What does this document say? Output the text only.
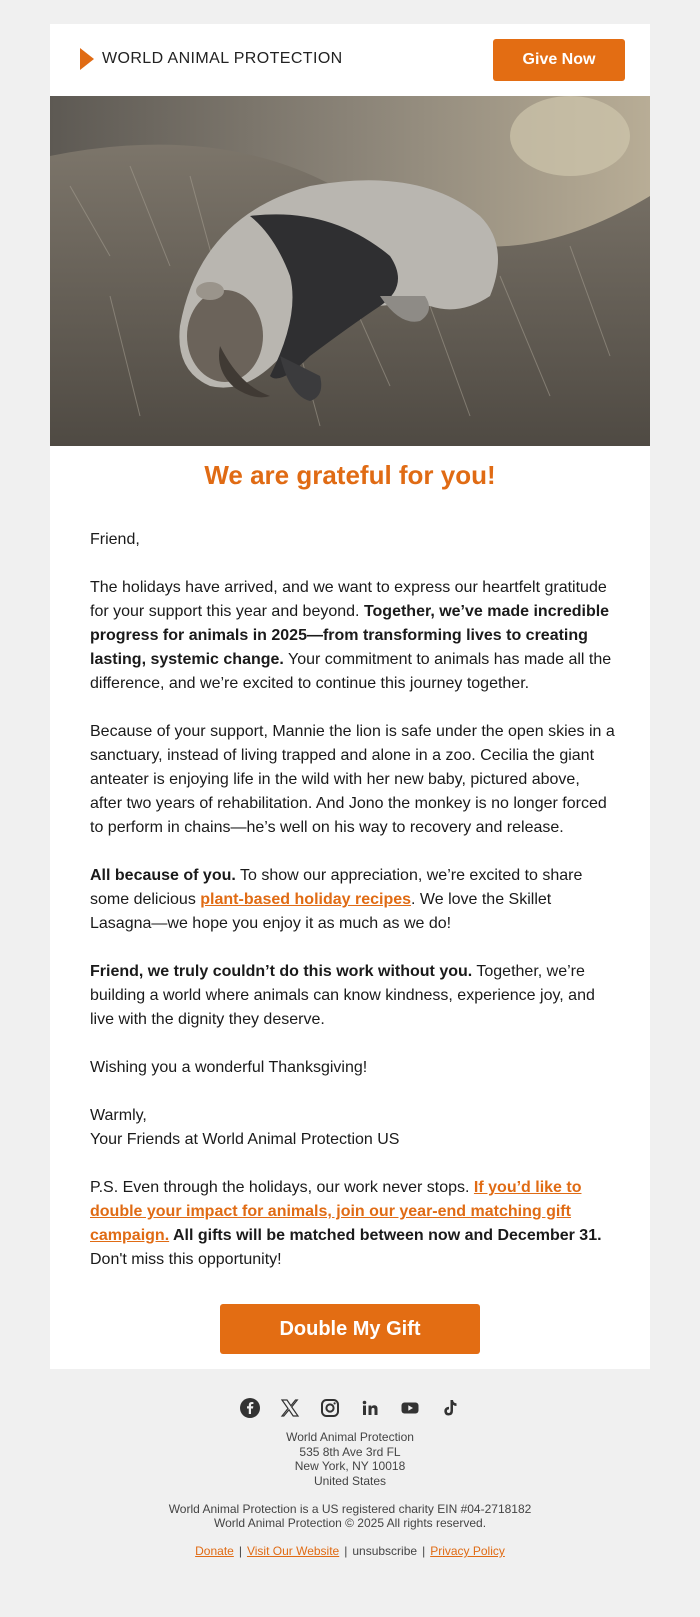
WORLD ANIMAL PROTECTION	Give Now
We are grateful for you!

Friend,

The holidays have arrived, and we want to express our heartfelt gratitude for your support this year and beyond. Together, we’ve made incredible progress for animals in 2025—from transforming lives to creating lasting, systemic change. Your commitment to animals has made all the difference, and we’re excited to continue this journey together.

Because of your support, Mannie the lion is safe under the open skies in a sanctuary, instead of living trapped and alone in a zoo. Cecilia the giant anteater is enjoying life in the wild with her new baby, pictured above, after two years of rehabilitation. And Jono the monkey is no longer forced to perform in chains—he’s well on his way to recovery and release.

All because of you. To show our appreciation, we’re excited to share some delicious plant-based holiday recipes. We love the Skillet Lasagna—we hope you enjoy it as much as we do!

Friend, we truly couldn’t do this work without you. Together, we’re building a world where animals can know kindness, experience joy, and live with the dignity they deserve.

Wishing you a wonderful Thanksgiving!

Warmly,
Your Friends at World Animal Protection US

P.S. Even through the holidays, our work never stops. If you’d like to double your impact for animals, join our year-end matching gift campaign. All gifts will be matched between now and December 31. Don't miss this opportunity!

Double My Gift
World Animal Protection
535 8th Ave 3rd FL
New York, NY 10018
United States
World Animal Protection is a US registered charity EIN #04-2718182
World Animal Protection © 2025 All rights reserved.
Donate | Visit Our Website | unsubscribe | Privacy Policy
